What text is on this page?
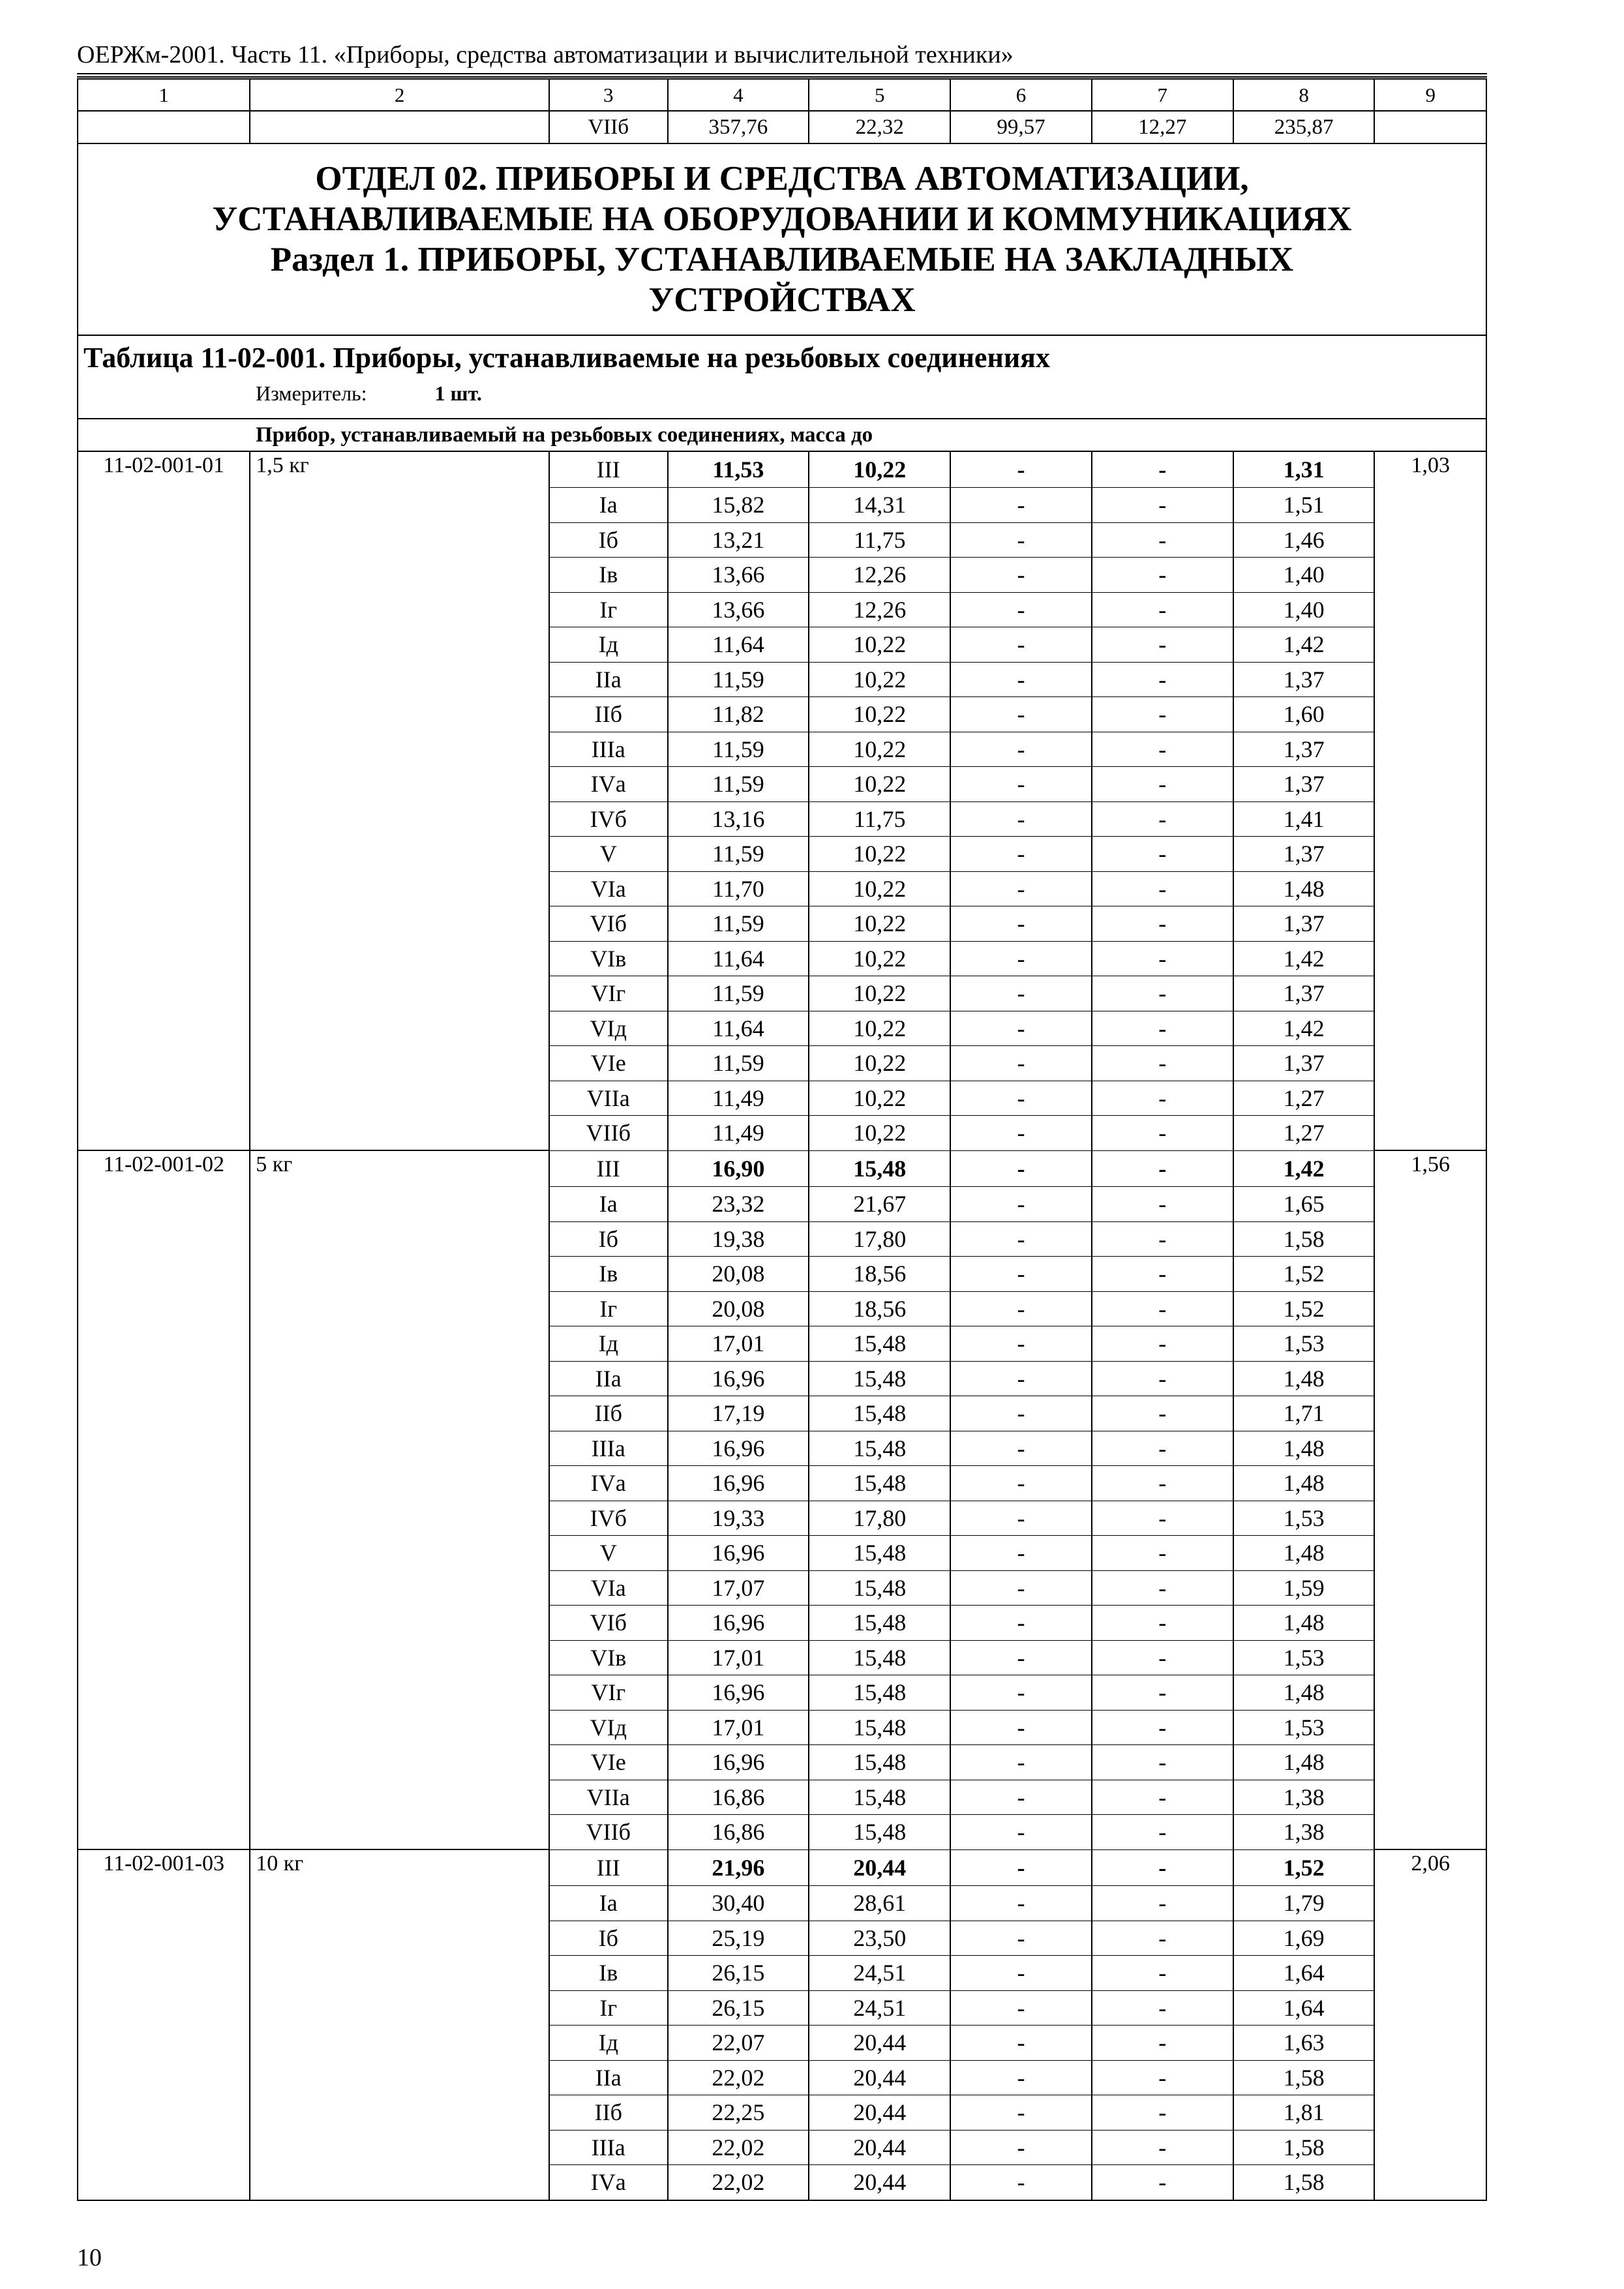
ОЕРЖм-2001. Часть 11. «Приборы, средства автоматизации и вычислительной техники»
1	2	3	4	5	6	7	8	9
		VIIб	357,76	22,32	99,57	12,27	235,87	

ОТДЕЛ 02. ПРИБОРЫ И СРЕДСТВА АВТОМАТИЗАЦИИ,
УСТАНАВЛИВАЕМЫЕ НА ОБОРУДОВАНИИ И КОММУНИКАЦИЯХ
Раздел 1. ПРИБОРЫ, УСТАНАВЛИВАЕМЫЕ НА ЗАКЛАДНЫХ
УСТРОЙСТВАХ								

Таблица 11-02-001. Приборы, устанавливаемые на резьбовых соединениях
Измеритель: 1 шт.								

Прибор, устанавливаемый на резьбовых соединениях, масса до								

11-02-001-01	1,5 кг	III	11,53	10,22	-	-	1,31	1,03
		Iа	15,82	14,31	-	-	1,51	
		Iб	13,21	11,75	-	-	1,46	
		Iв	13,66	12,26	-	-	1,40	
		Iг	13,66	12,26	-	-	1,40	
		Iд	11,64	10,22	-	-	1,42	
		IIа	11,59	10,22	-	-	1,37	
		IIб	11,82	10,22	-	-	1,60	
		IIIа	11,59	10,22	-	-	1,37	
		IVа	11,59	10,22	-	-	1,37	
		IVб	13,16	11,75	-	-	1,41	
		V	11,59	10,22	-	-	1,37	
		VIа	11,70	10,22	-	-	1,48	
		VIб	11,59	10,22	-	-	1,37	
		VIв	11,64	10,22	-	-	1,42	
		VIг	11,59	10,22	-	-	1,37	
		VIд	11,64	10,22	-	-	1,42	
		VIе	11,59	10,22	-	-	1,37	
		VIIа	11,49	10,22	-	-	1,27	
		VIIб	11,49	10,22	-	-	1,27	
11-02-001-02	5 кг	III	16,90	15,48	-	-	1,42	1,56
		Iа	23,32	21,67	-	-	1,65	
		Iб	19,38	17,80	-	-	1,58	
		Iв	20,08	18,56	-	-	1,52	
		Iг	20,08	18,56	-	-	1,52	
		Iд	17,01	15,48	-	-	1,53	
		IIа	16,96	15,48	-	-	1,48	
		IIб	17,19	15,48	-	-	1,71	
		IIIа	16,96	15,48	-	-	1,48	
		IVа	16,96	15,48	-	-	1,48	
		IVб	19,33	17,80	-	-	1,53	
		V	16,96	15,48	-	-	1,48	
		VIа	17,07	15,48	-	-	1,59	
		VIб	16,96	15,48	-	-	1,48	
		VIв	17,01	15,48	-	-	1,53	
		VIг	16,96	15,48	-	-	1,48	
		VIд	17,01	15,48	-	-	1,53	
		VIе	16,96	15,48	-	-	1,48	
		VIIа	16,86	15,48	-	-	1,38	
		VIIб	16,86	15,48	-	-	1,38	
11-02-001-03	10 кг	III	21,96	20,44	-	-	1,52	2,06
		Iа	30,40	28,61	-	-	1,79	
		Iб	25,19	23,50	-	-	1,69	
		Iв	26,15	24,51	-	-	1,64	
		Iг	26,15	24,51	-	-	1,64	
		Iд	22,07	20,44	-	-	1,63	
		IIа	22,02	20,44	-	-	1,58	
		IIб	22,25	20,44	-	-	1,81	
		IIIа	22,02	20,44	-	-	1,58	
		IVа	22,02	20,44	-	-	1,58	
10
